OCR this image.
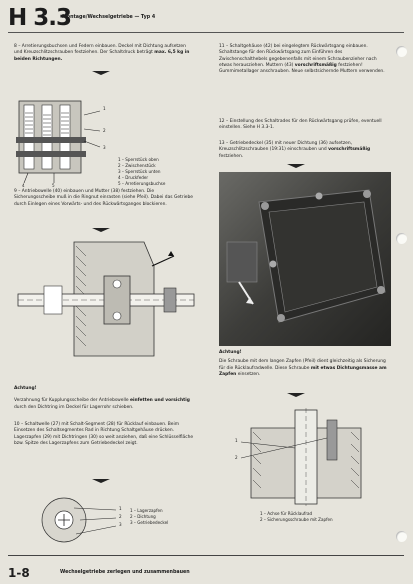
H 3.3
Montage/Wechselgetriebe — Typ 4
8 – Arretierungsbuchsen und Federn einbauen. Deckel mit Dichtung aufsetzen und Kreuzschlitzschrauben festziehen. Der Schaltdruck beträgt max. 6,5 kg in beiden Richtungen.
1
2
3
4	5
1 – Sperrstück oben
2 – Zwischenstück
3 – Sperrstück unten
4 – Druckfeder
5 – Arretierungsbuchse
9 – Antriebswelle (40) einbauen und Mutter (38) festziehen. Die Sicherungsscheibe muß in die Ringnut einrasten (siehe Pfeil). Dabei das Getriebe durch Einlegen eines Vorwärts- und des Rückwärtsganges blockieren.
Achtung!
Verzahnung für Kupplungsscheibe der Antriebswelle einfetten und vorsichtig durch den Dichtring im Deckel für Lagerrohr schieben.
10 – Schaltwelle (27) mit Schalt-Segment (28) für Rücklauf einbauen. Beim Einsetzen des Schaltsegmentes Rad in Richtung Schaltgehäuse drücken. Lagerzapfen (29) mit Dichtringen (30) so weit anziehen, daß eine Schlüsselfläche bzw. Spitze des Lagerzapfens zum Getriebedeckel zeigt.
1
2
3
1 – Lagerzapfen
2 – Dichtung
3 – Getriebedeckel
11 – Schaltgehäuse (42) bei eingelegtem Rückwärtsgang einbauen. Schaltstange für den Rückwärtsgang zum Einführen des Zwischenschalthebels gegebenenfalls mit einem Schraubenzieher nach etwas herausziehen. Muttern (43) vorschriftsmäßig festziehen! Gummimetallager anschrauben. Neue selbstsichernde Muttern verwenden.
12 – Einstellung des Schaltrades für den Rückwärtsgang prüfen, eventuell einstellen. Siehe H 3.3-1.
13 – Getriebedeckel (35) mit neuer Dichtung (36) aufsetzen, Kreuzschlitzschrauben (19:31) einschrauben und vorschriftsmäßig festziehen.
Achtung!
Die Schraube mit dem langen Zapfen (Pfeil) dient gleichzeitig als Sicherung für die Rücklaufradwelle. Diese Schraube mit etwas Dichtungsmasse am Zapfen einsetzen.
1
2
1 – Achse für Rücklaufrad
2 – Sicherungsschraube mit Zapfen
1-8	Wechselgetriebe zerlegen und zusammenbauen
